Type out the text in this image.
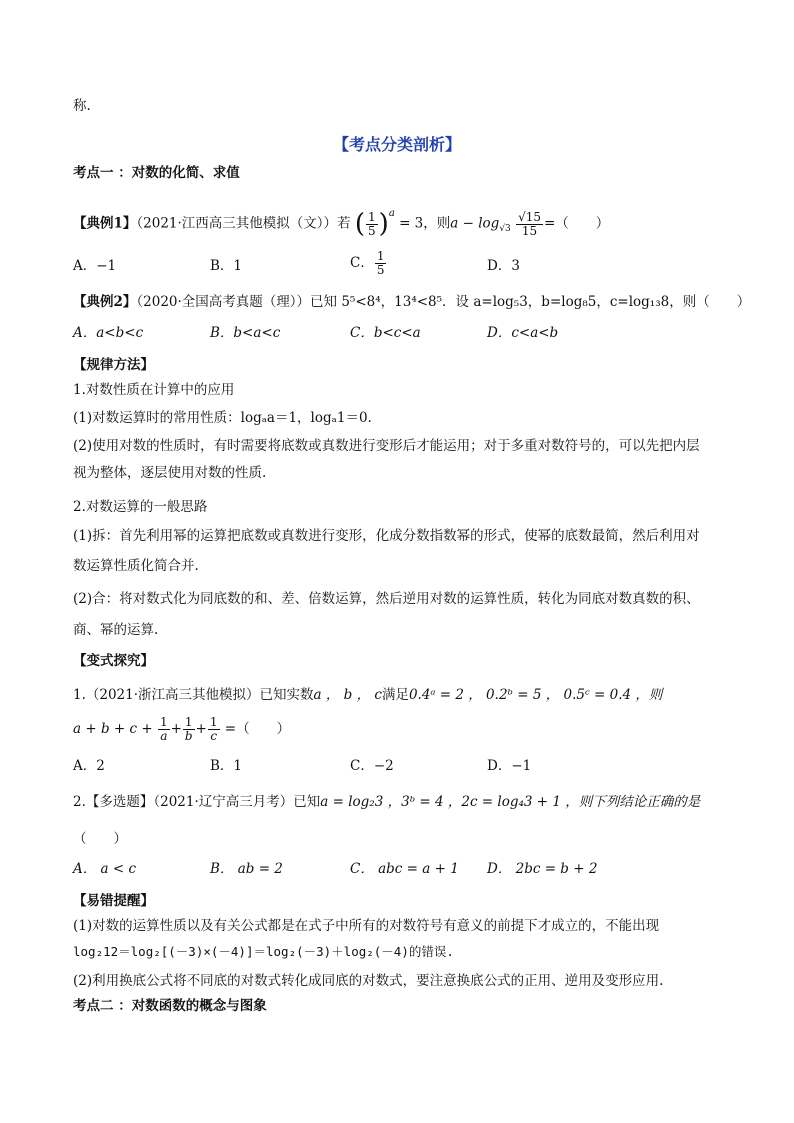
称.
【考点分类剖析】
考点一 ：对数的化简、求值
【典例1】（2021·江西高三其他模拟（文））若 ( $\frac{1}{5} )^a = 3$，则$a - \log_{√3} \frac{√15}{15}$ =（　　）
A．−1	B．1	C． $\frac{1}{5}$	D．3
【典例2】（2020·全国高考真题（理））已知 5⁵<8⁴，13⁴<8⁵．设 a=log₅3，b=log₈5，c=log₁₃8，则（　　）
A．a<b<c	B．b<a<c	C．b<c<a	D．c<a<b
【规律方法】
1.对数性质在计算中的应用
(1)对数运算时的常用性质：logₐa＝1，logₐ1＝0.
(2)使用对数的性质时，有时需要将底数或真数进行变形后才能运用；对于多重对数符号的，可以先把内层
视为整体，逐层使用对数的性质.
2.对数运算的一般思路
(1)拆：首先利用幂的运算把底数或真数进行变形，化成分数指数幂的形式，使幂的底数最简，然后利用对
数运算性质化简合并.
(2)合：将对数式化为同底数的和、差、倍数运算，然后逆用对数的运算性质，转化为同底对数真数的积、
商、幂的运算.
【变式探究】
1.（2021·浙江高三其他模拟）已知实数a ， b ， c满足0.4ᵃ = 2 ， 0.2ᵇ = 5 ， 0.5ᶜ = 0.4 ，则
$a + b + c + \frac{1}{a} + \frac{1}{b} + \frac{1}{c}$ =（　　）
A．2	B．1	C．−2	D．−1
2.【多选题】（2021·辽宁高三月考）已知a = log₂3 ，3ᵇ = 4 ，2c = log₄3 + 1 ，则下列结论正确的是
（　　）
A． a < c	B． ab = 2	C． abc = a + 1 D． 2bc = b + 2
【易错提醒】
(1)对数的运算性质以及有关公式都是在式子中所有的对数符号有意义的前提下才成立的，不能出现
log₂12＝log₂[(－3)×(－4)]＝log₂(－3)＋log₂(－4)的错误.
(2)利用换底公式将不同底的对数式转化成同底的对数式，要注意换底公式的正用、逆用及变形应用.
考点二 ：对数函数的概念与图象
